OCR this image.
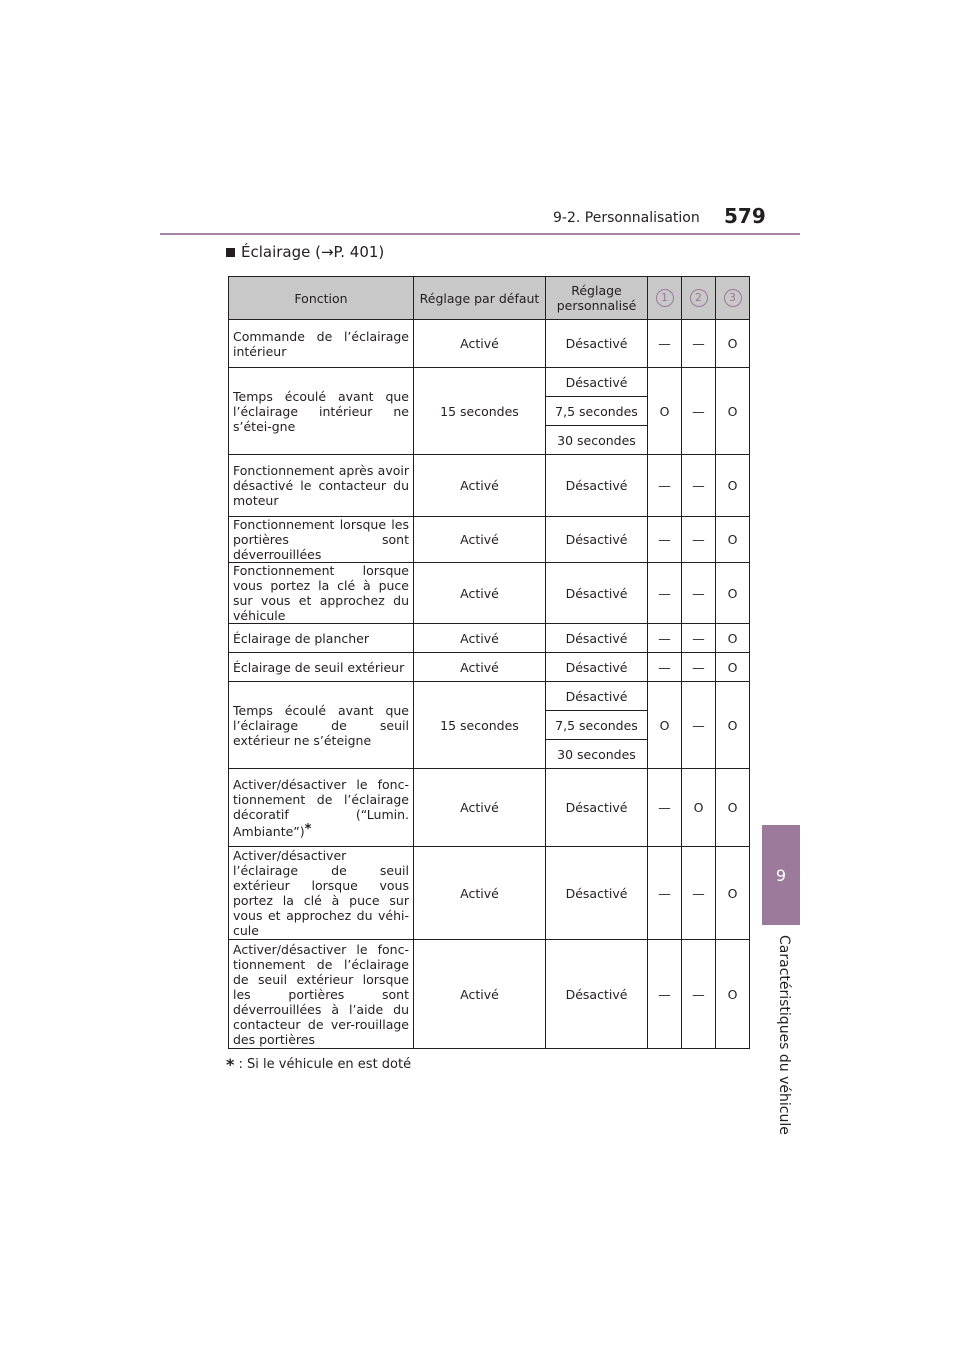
9-2. Personnalisation 579
9
Caractéristiques du véhicule
Éclairage (→P. 401)
Fonction	Réglage par défaut	Réglage personnalisé	1	2	3
Commande de l’éclairage intérieur	Activé	Désactivé	—	—	O
Temps écoulé avant que l’éclairage intérieur ne s’étei-gne	15 secondes	Désactivé	O	—	O
		7,5 secondes			
		30 secondes			
Fonctionnement après avoir désactivé le contacteur du moteur	Activé	Désactivé	—	—	O
Fonctionnement lorsque les portières sont déverrouillées	Activé	Désactivé	—	—	O
Fonctionnement lorsque vous portez la clé à puce sur vous et approchez du véhicule	Activé	Désactivé	—	—	O
Éclairage de plancher	Activé	Désactivé	—	—	O
Éclairage de seuil extérieur	Activé	Désactivé	—	—	O
Temps écoulé avant que l’éclairage de seuil extérieur ne s’éteigne	15 secondes	Désactivé	O	—	O
		7,5 secondes			
		30 secondes			
Activer/désactiver le fonc-tionnement de l’éclairage décoratif (“Lumin. Ambiante”)*	Activé	Désactivé	—	O	O
Activer/désactiver l’éclairage de seuil extérieur lorsque vous portez la clé à puce sur vous et approchez du véhi-cule	Activé	Désactivé	—	—	O
Activer/désactiver le fonc-tionnement de l’éclairage de seuil extérieur lorsque les portières sont déverrouillées à l’aide du contacteur de ver-rouillage des portières	Activé	Désactivé	—	—	O
* : Si le véhicule en est doté
